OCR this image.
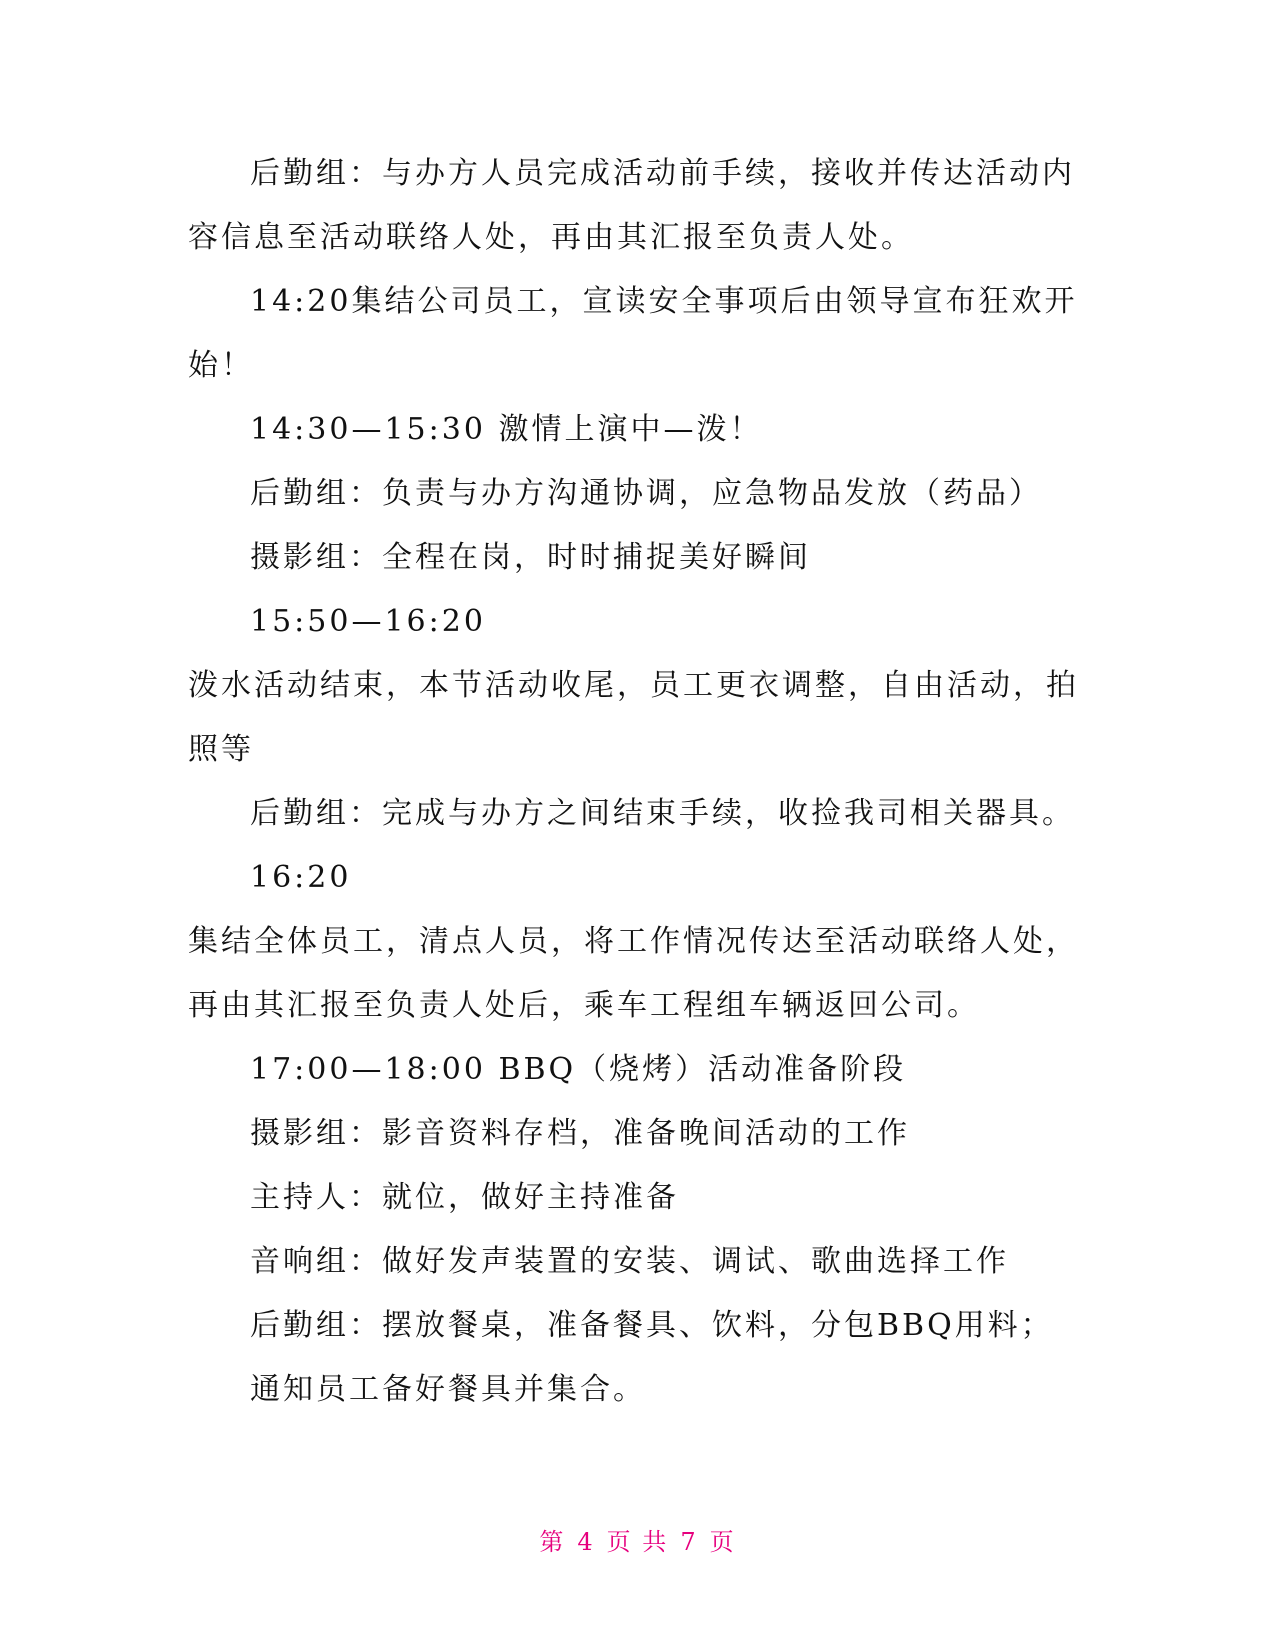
后勤组：与办方人员完成活动前手续，接收并传达活动内容信息至活动联络人处，再由其汇报至负责人处。

14:20集结公司员工，宣读安全事项后由领导宣布狂欢开始！

14:30—15:30 激情上演中—泼！

后勤组：负责与办方沟通协调，应急物品发放（药品）

摄影组：全程在岗，时时捕捉美好瞬间

15:50—16:20

泼水活动结束，本节活动收尾，员工更衣调整，自由活动，拍照等

后勤组：完成与办方之间结束手续，收捡我司相关器具。

16:20

集结全体员工，清点人员，将工作情况传达至活动联络人处，再由其汇报至负责人处后，乘车工程组车辆返回公司。

17:00—18:00 BBQ（烧烤）活动准备阶段

摄影组：影音资料存档，准备晚间活动的工作

主持人：就位，做好主持准备

音响组：做好发声装置的安装、调试、歌曲选择工作

后勤组：摆放餐桌，准备餐具、饮料，分包BBQ用料；

通知员工备好餐具并集合。

第 4 页 共 7 页
